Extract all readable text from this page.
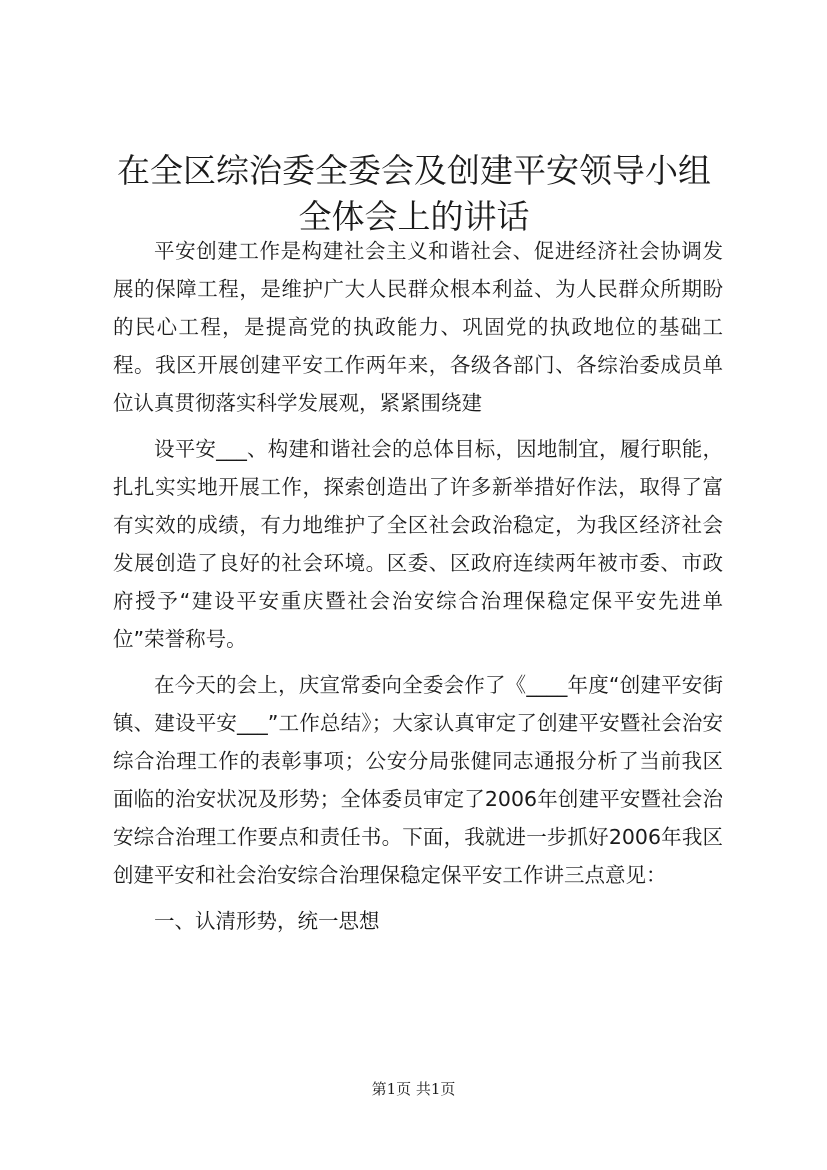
在全区综治委全委会及创建平安领导小组全体会上的讲话

平安创建工作是构建社会主义和谐社会、促进经济社会协调发展的保障工程，是维护广大人民群众根本利益、为人民群众所期盼的民心工程，是提高党的执政能力、巩固党的执政地位的基础工程。我区开展创建平安工作两年来，各级各部门、各综治委成员单位认真贯彻落实科学发展观，紧紧围绕建

设平安___、构建和谐社会的总体目标，因地制宜，履行职能，扎扎实实地开展工作，探索创造出了许多新举措好作法，取得了富有实效的成绩，有力地维护了全区社会政治稳定，为我区经济社会发展创造了良好的社会环境。区委、区政府连续两年被市委、市政府授予“建设平安重庆暨社会治安综合治理保稳定保平安先进单位”荣誉称号。

在今天的会上，庆宣常委向全委会作了《____年度“创建平安街镇、建设平安___”工作总结》；大家认真审定了创建平安暨社会治安综合治理工作的表彰事项；公安分局张健同志通报分析了当前我区面临的治安状况及形势；全体委员审定了2006年创建平安暨社会治安综合治理工作要点和责任书。下面，我就进一步抓好2006年我区创建平安和社会治安综合治理保稳定保平安工作讲三点意见：

一、认清形势，统一思想

第1页 共1页
